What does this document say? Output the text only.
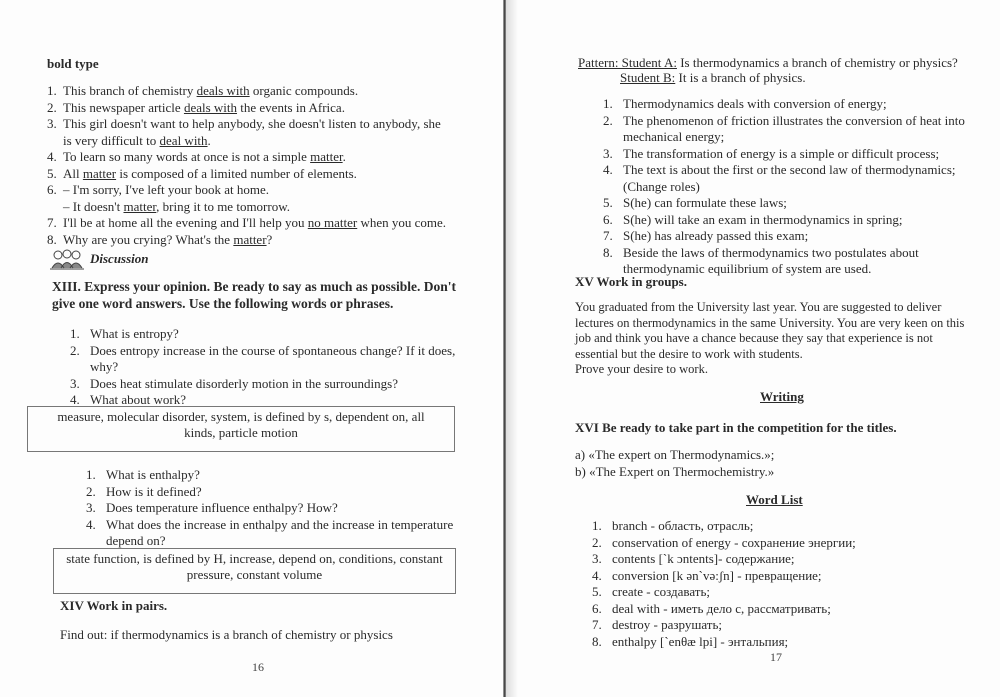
bold type
1. This branch of chemistry deals with organic compounds.
2. This newspaper article deals with the events in Africa.
3. This girl doesn't want to help anybody, she doesn't listen to anybody, she
is very difficult to deal with.
4. To learn so many words at once is not a simple matter.
5. All matter is composed of a limited number of elements.
6. – I'm sorry, I've left your book at home.
– It doesn't matter, bring it to me tomorrow.
7. I'll be at home all the evening and I'll help you no matter when you come.
8. Why are you crying? What's the matter?
Discussion
XIII. Express your opinion. Be ready to say as much as possible. Don't
give one word answers. Use the following words or phrases.
1. What is entropy?
2. Does entropy increase in the course of spontaneous change? If it does,
why?
3. Does heat stimulate disorderly motion in the surroundings?
4. What about work?
measure, molecular disorder, system, is defined by s, dependent on, all
kinds, particle motion
1. What is enthalpy?
2. How is it defined?
3. Does temperature influence enthalpy? How?
4. What does the increase in enthalpy and the increase in temperature
depend on?
state function, is defined by H, increase, depend on, conditions, constant
pressure, constant volume
XIV Work in pairs.
Find out: if thermodynamics is a branch of chemistry or physics
16
Pattern: Student A: Is thermodynamics a branch of chemistry or physics?
Student B: It is a branch of physics.
1. Thermodynamics deals with conversion of energy;
2. The phenomenon of friction illustrates the conversion of heat into
mechanical energy;
3. The transformation of energy is a simple or difficult process;
4. The text is about the first or the second law of thermodynamics;
(Change roles)
5. S(he) can formulate these laws;
6. S(he) will take an exam in thermodynamics in spring;
7. S(he) has already passed this exam;
8. Beside the laws of thermodynamics two postulates about
thermodynamic equilibrium of system are used.
XV Work in groups.
You graduated from the University last year. You are suggested to deliver
lectures on thermodynamics in the same University. You are very keen on this
job and think you have a chance because they say that experience is not
essential but the desire to work with students.
Prove your desire to work.
Writing
XVI Be ready to take part in the competition for the titles.
a) «The expert on Thermodynamics.»;
b) «The Expert on Thermochemistry.»
Word List
1. branch - область, отрасль;
2. conservation of energy - сохранение энергии;
3. contents [`k ɔntents]- содержание;
4. conversion [k ən`və:ʃn] - превращение;
5. create - создавать;
6. deal with - иметь дело с, рассматривать;
7. destroy - разрушать;
8. enthalpy [`enθæ lpi] - энтальпия;
17
